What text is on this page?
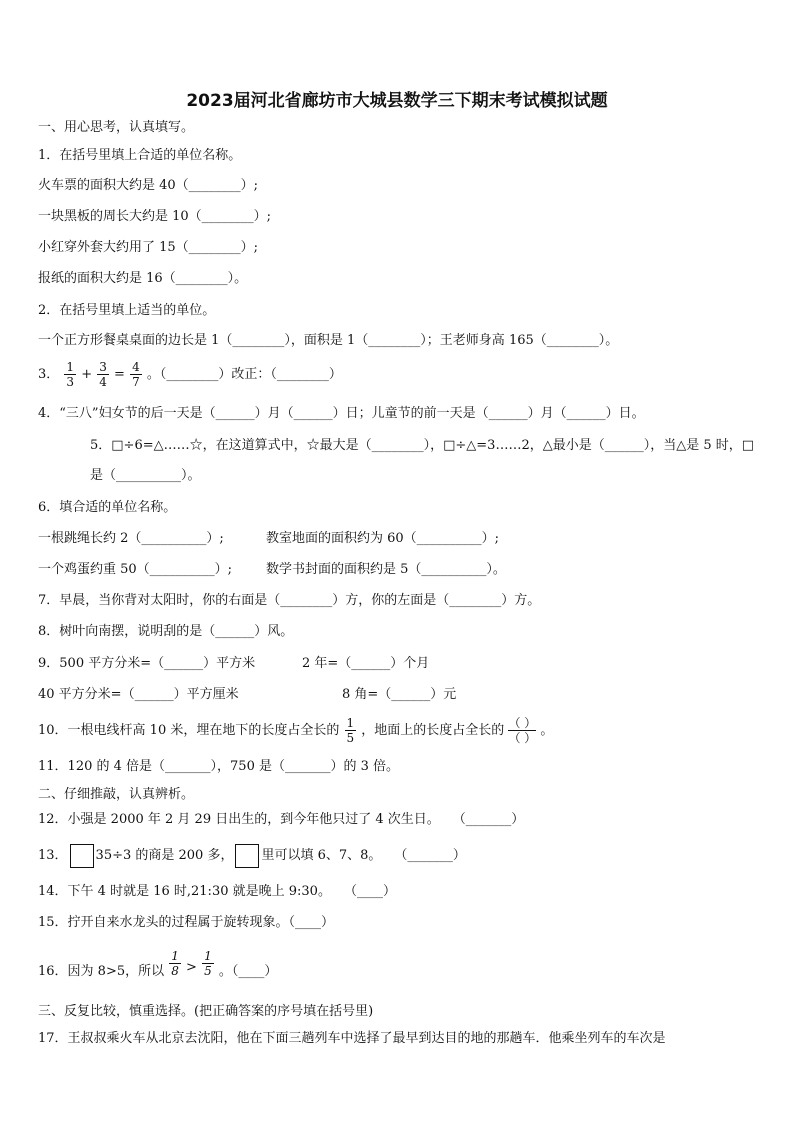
2023届河北省廊坊市大城县数学三下期末考试模拟试题
一、用心思考，认真填写。
1．在括号里填上合适的单位名称。
火车票的面积大约是 40（________）;
一块黑板的周长大约是 10（________）;
小红穿外套大约用了 15（________）;
报纸的面积大约是 16（________）。
2．在括号里填上适当的单位。
一个正方形餐桌桌面的边长是 1（________），面积是 1（________）；王老师身高 165（________）。
3． $\frac{1}{3} + \frac{3}{4} = \frac{4}{7}$ 。（________）改正：（________）
4．“三八”妇女节的后一天是（______）月（______）日；儿童节的前一天是（______）月（______）日。
5．□÷6=△……☆，在这道算式中，☆最大是（________），□÷△=3……2，△最小是（______），当△是 5 时，□
是（__________）。
6．填合适的单位名称。
一根跳绳长约 2（__________）;	教室地面的面积约为 60（__________）;
一个鸡蛋约重 50（__________）;	数学书封面的面积约是 5（__________）。
7．早晨，当你背对太阳时，你的右面是（________）方，你的左面是（________）方。
8．树叶向南摆，说明刮的是（______）风。
9．500 平方分米=（______）平方米	2 年=（______）个月
40 平方分米=（______）平方厘米	8 角=（______）元
10．一根电线杆高 10 米，埋在地下的长度占全长的 $\frac{1}{5}$ ，地面上的长度占全长的 $\frac{( )}{( )}$ 。
11．120 的 4 倍是（_______），750 是（_______）的 3 倍。
二、仔细推敲，认真辨析。
12．小强是 2000 年 2 月 29 日出生的，到今年他只过了 4 次生日。　　（_______）
13． 35÷3 的商是 200 多， 里可以填 6、7、8。　　（_______）
14．下午 4 时就是 16 时,21:30 就是晚上 9:30。　　（____）
15．拧开自来水龙头的过程属于旋转现象。（____）
16．因为 8>5，所以 $\frac{1}{8} > \frac{1}{5}$ 。（____）
三、反复比较，慎重选择。(把正确答案的序号填在括号里)
17．王叔叔乘火车从北京去沈阳，他在下面三趟列车中选择了最早到达目的地的那趟车．他乘坐列车的车次是
